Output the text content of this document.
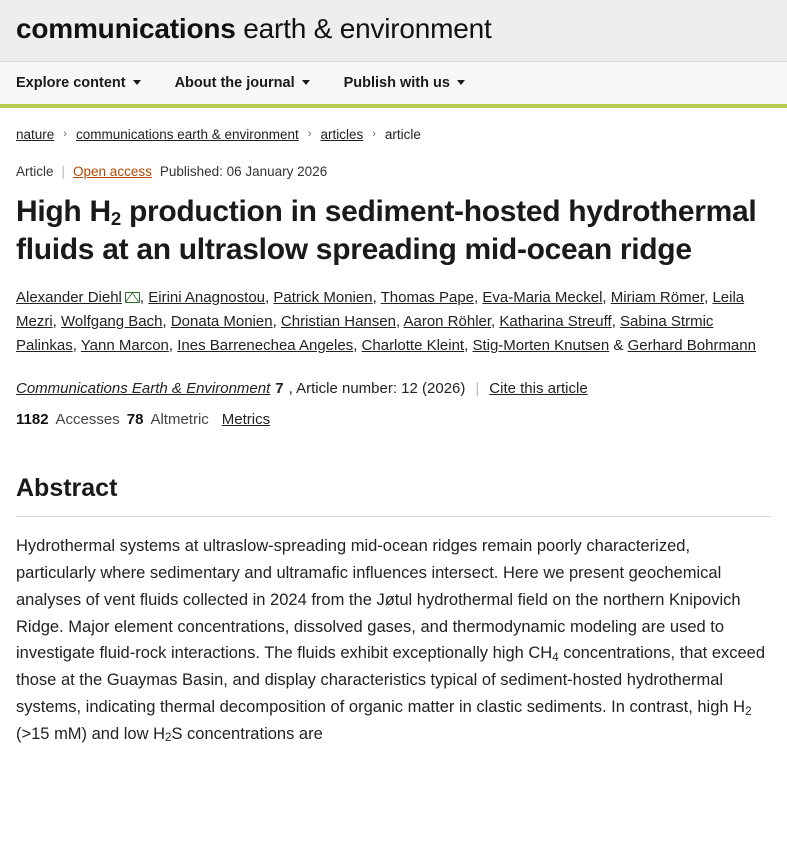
communications earth & environment
Explore content	About the journal	Publish with us
nature › communications earth & environment › articles › article
Article | Open access Published: 06 January 2026
High $H_2$ production in sediment-hosted hydrothermal fluids at an ultraslow spreading mid-ocean ridge
Alexander Diehl , Eirini Anagnostou, Patrick Monien, Thomas Pape, Eva-Maria Meckel, Miriam Römer, Leila Mezri, Wolfgang Bach, Donata Monien, Christian Hansen, Aaron Röhler, Katharina Streuff, Sabina Strmic Palinkas, Yann Marcon, Ines Barrenechea Angeles, Charlotte Kleint, Stig-Morten Knutsen & Gerhard Bohrmann
Communications Earth & Environment 7 , Article number: 12 (2026) | Cite this article
1182 Accesses 78 Altmetric Metrics
Abstract

Hydrothermal systems at ultraslow-spreading mid-ocean ridges remain poorly characterized, particularly where sedimentary and ultramafic influences intersect. Here we present geochemical analyses of vent fluids collected in 2024 from the Jøtul hydrothermal field on the northern Knipovich Ridge. Major element concentrations, dissolved gases, and thermodynamic modeling are used to investigate fluid-rock interactions. The fluids exhibit exceptionally high $CH_4$ concentrations, that exceed those at the Guaymas Basin, and display characteristics typical of sediment-hosted hydrothermal systems, indicating thermal decomposition of organic matter in clastic sediments. In contrast, high $H_2$ (>15 mM) and low $H_2S$ concentrations are
